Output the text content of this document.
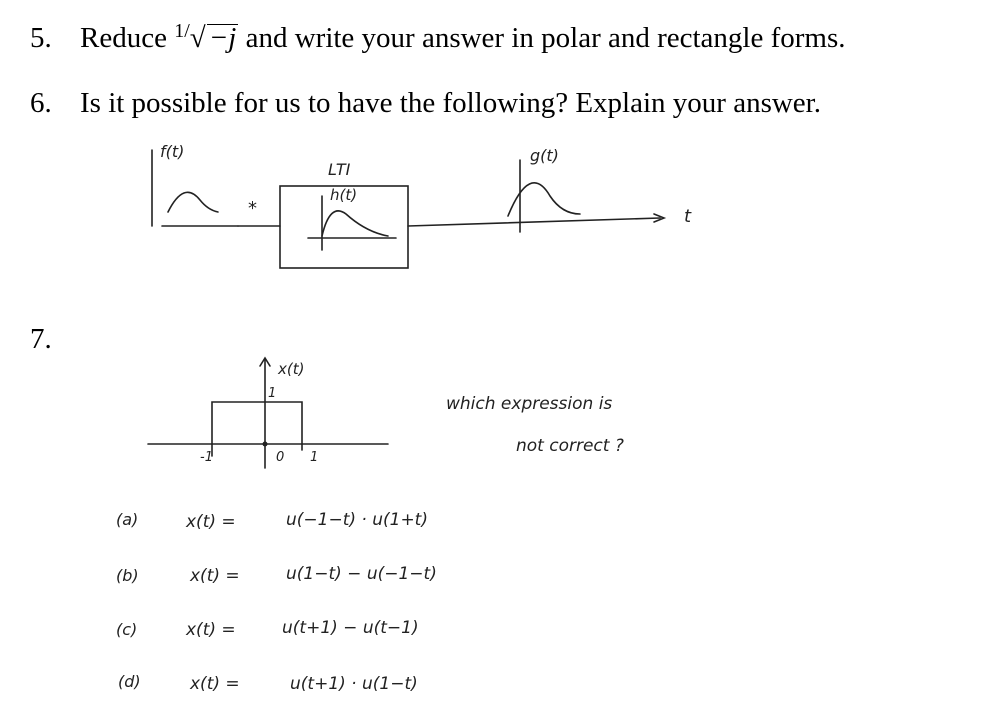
5. Reduce $^{1/}$√ −j and write your answer in polar and rectangle forms.
6. Is it possible for us to have the following? Explain your answer.
7.
f(t)
*
LTI
h(t)
g(t)
t
x(t)
1
-1	0 1
which expression is
not correct ?
(a)	x(t) =	u(−1−t) · u(1+t)
(b)	x(t) =	u(1−t) − u(−1−t)
(c)	x(t) =	u(t+1) − u(t−1)
(d)	x(t) =	u(t+1) · u(1−t)
